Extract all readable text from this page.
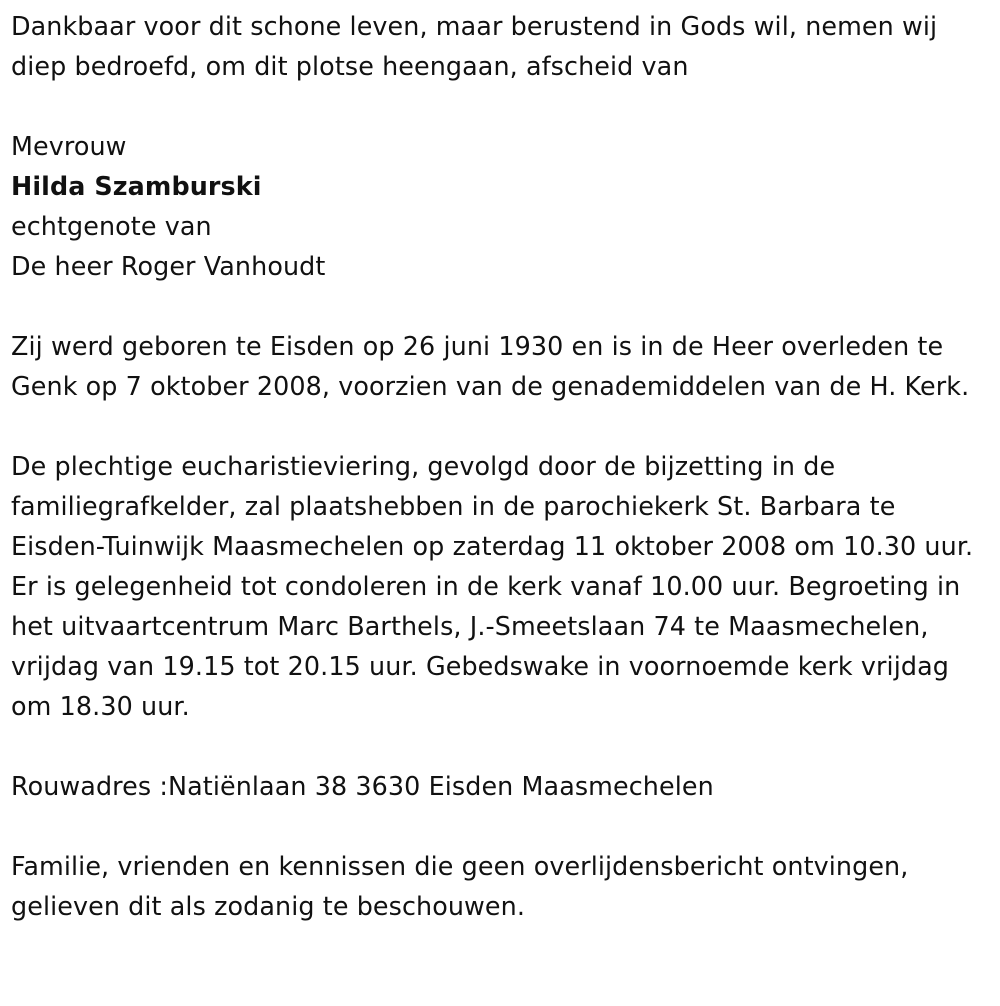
Dankbaar voor dit schone leven, maar berustend in Gods wil, nemen wij diep bedroefd, om dit plotse heengaan, afscheid van

Mevrouw

Hilda Szamburski

echtgenote van

De heer Roger Vanhoudt

Zij werd geboren te Eisden op 26 juni 1930 en is in de Heer overleden te Genk op 7 oktober 2008, voorzien van de genademiddelen van de H. Kerk.

De plechtige eucharistieviering, gevolgd door de bijzetting in de familiegrafkelder, zal plaatshebben in de parochiekerk St. Barbara te Eisden-Tuinwijk Maasmechelen op zaterdag 11 oktober 2008 om 10.30 uur. Er is gelegenheid tot condoleren in de kerk vanaf 10.00 uur. Begroeting in het uitvaartcentrum Marc Barthels, J.-Smeetslaan 74 te Maasmechelen, vrijdag van 19.15 tot 20.15 uur. Gebedswake in voornoemde kerk vrijdag om 18.30 uur.

Rouwadres :Natiënlaan 38 3630 Eisden Maasmechelen

Familie, vrienden en kennissen die geen overlijdensbericht ontvingen, gelieven dit als zodanig te beschouwen.
